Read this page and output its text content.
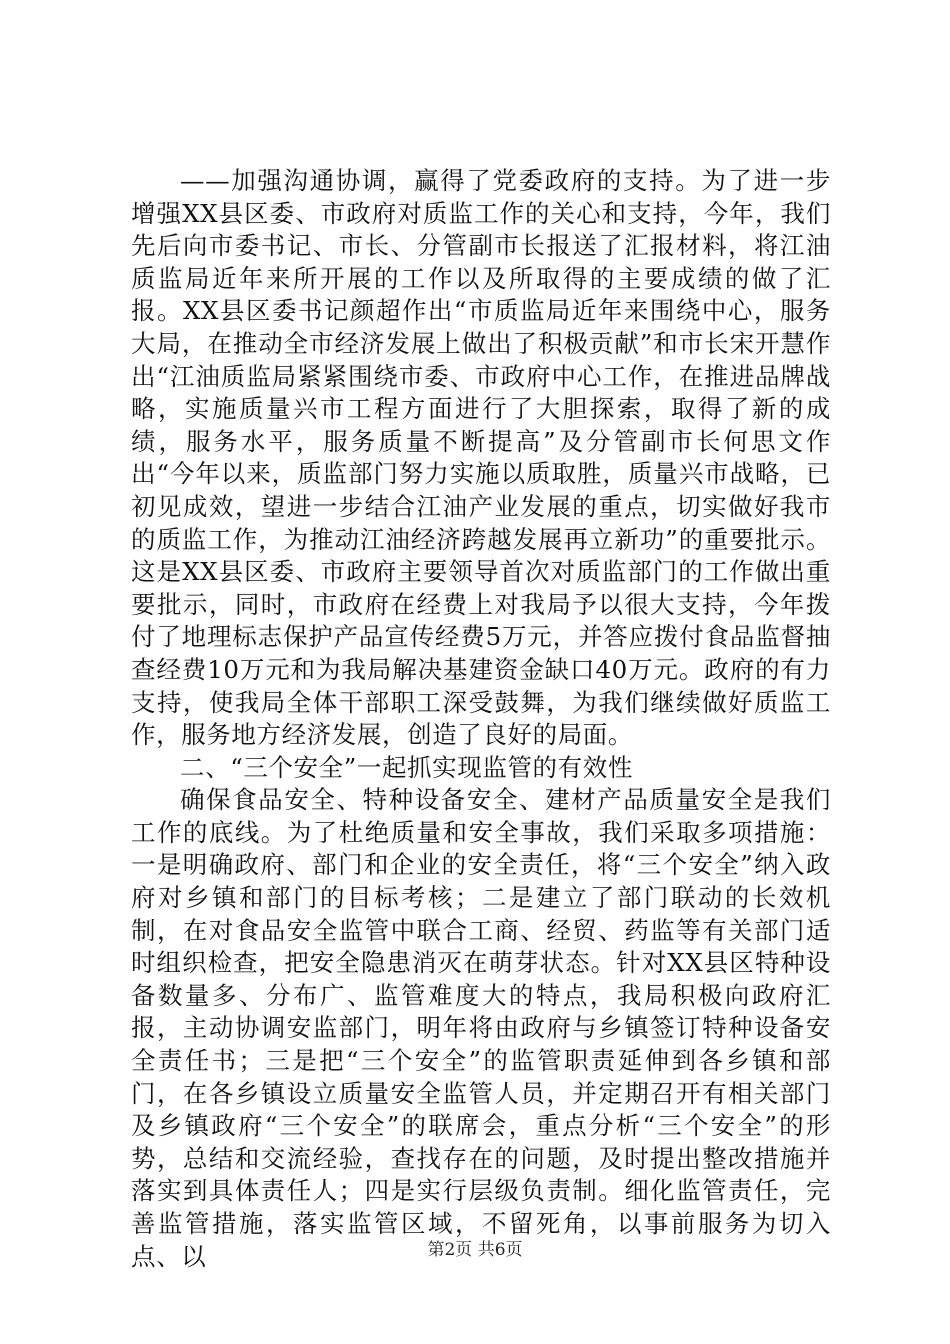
——加强沟通协调，赢得了党委政府的支持。为了进一步增强XX县区委、市政府对质监工作的关心和支持，今年，我们先后向市委书记、市长、分管副市长报送了汇报材料，将江油质监局近年来所开展的工作以及所取得的主要成绩的做了汇报。XX县区委书记颜超作出“市质监局近年来围绕中心，服务大局，在推动全市经济发展上做出了积极贡献”和市长宋开慧作出“江油质监局紧紧围绕市委、市政府中心工作，在推进品牌战略，实施质量兴市工程方面进行了大胆探索，取得了新的成绩，服务水平，服务质量不断提高”及分管副市长何思文作出“今年以来，质监部门努力实施以质取胜，质量兴市战略，已初见成效，望进一步结合江油产业发展的重点，切实做好我市的质监工作，为推动江油经济跨越发展再立新功”的重要批示。这是XX县区委、市政府主要领导首次对质监部门的工作做出重要批示，同时，市政府在经费上对我局予以很大支持，今年拨付了地理标志保护产品宣传经费5万元，并答应拨付食品监督抽查经费10万元和为我局解决基建资金缺口40万元。政府的有力支持，使我局全体干部职工深受鼓舞，为我们继续做好质监工作，服务地方经济发展，创造了良好的局面。

二、“三个安全”一起抓实现监管的有效性

确保食品安全、特种设备安全、建材产品质量安全是我们工作的底线。为了杜绝质量和安全事故，我们采取多项措施：一是明确政府、部门和企业的安全责任，将“三个安全”纳入政府对乡镇和部门的目标考核；二是建立了部门联动的长效机制，在对食品安全监管中联合工商、经贸、药监等有关部门适时组织检查，把安全隐患消灭在萌芽状态。针对XX县区特种设备数量多、分布广、监管难度大的特点，我局积极向政府汇报，主动协调安监部门，明年将由政府与乡镇签订特种设备安全责任书；三是把“三个安全”的监管职责延伸到各乡镇和部门，在各乡镇设立质量安全监管人员，并定期召开有相关部门及乡镇政府“三个安全”的联席会，重点分析“三个安全”的形势，总结和交流经验，查找存在的问题，及时提出整改措施并落实到具体责任人；四是实行层级负责制。细化监管责任，完善监管措施，落实监管区域，不留死角，以事前服务为切入点、以	第2页 共6页
